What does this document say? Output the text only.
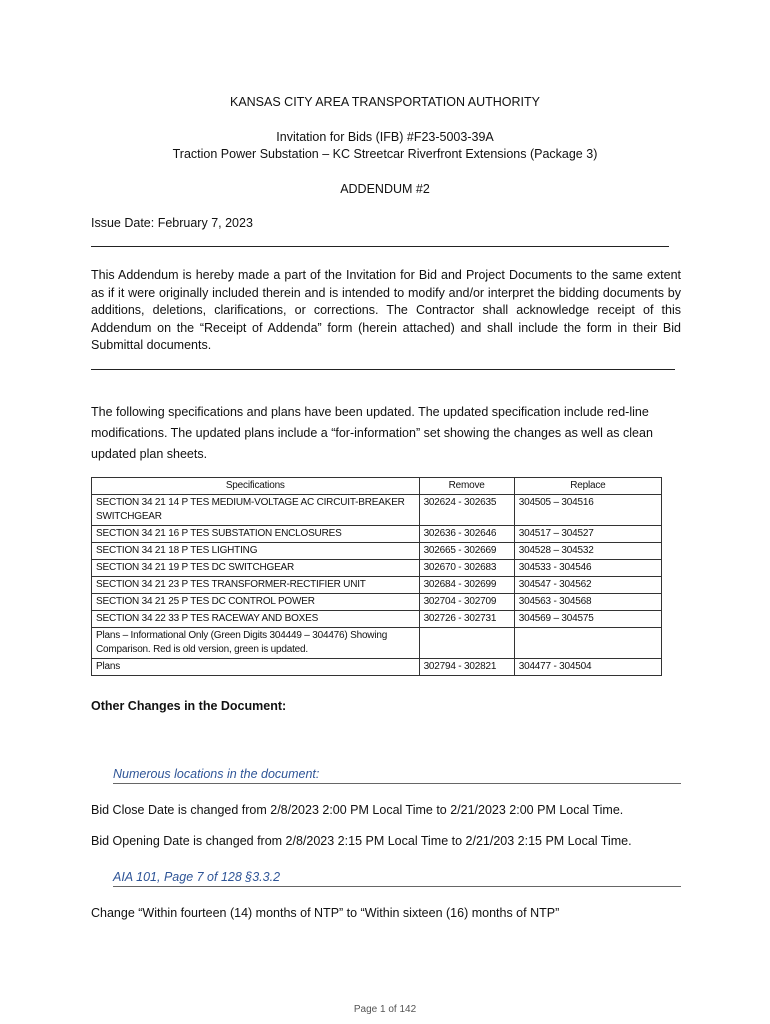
KANSAS CITY AREA TRANSPORTATION AUTHORITY
Invitation for Bids (IFB) #F23-5003-39A
Traction Power Substation – KC Streetcar Riverfront Extensions (Package 3)
ADDENDUM #2
Issue Date: February 7, 2023
This Addendum is hereby made a part of the Invitation for Bid and Project Documents to the same extent as if it were originally included therein and is intended to modify and/or interpret the bidding documents by additions, deletions, clarifications, or corrections. The Contractor shall acknowledge receipt of this Addendum on the “Receipt of Addenda” form (herein attached) and shall include the form in their Bid Submittal documents.
The following specifications and plans have been updated. The updated specification include red-line modifications. The updated plans include a “for-information” set showing the changes as well as clean updated plan sheets.
Specifications	Remove	Replace
SECTION 34 21 14 P TES MEDIUM-VOLTAGE AC CIRCUIT-BREAKER SWITCHGEAR	302624 - 302635	304505 – 304516
SECTION 34 21 16 P TES SUBSTATION ENCLOSURES	302636 - 302646	304517 – 304527
SECTION 34 21 18 P TES LIGHTING	302665 - 302669	304528 – 304532
SECTION 34 21 19 P TES DC SWITCHGEAR	302670 - 302683	304533 - 304546
SECTION 34 21 23 P TES TRANSFORMER-RECTIFIER UNIT	302684 - 302699	304547 - 304562
SECTION 34 21 25 P TES DC CONTROL POWER	302704 - 302709	304563 - 304568
SECTION 34 22 33 P TES RACEWAY AND BOXES	302726 - 302731	304569 – 304575
Plans – Informational Only (Green Digits 304449 – 304476) Showing Comparison. Red is old version, green is updated.		
Plans	302794 - 302821	304477 - 304504
Other Changes in the Document:
Numerous locations in the document:
Bid Close Date is changed from 2/8/2023 2:00 PM Local Time to 2/21/2023 2:00 PM Local Time.
Bid Opening Date is changed from 2/8/2023 2:15 PM Local Time to 2/21/203 2:15 PM Local Time.
AIA 101, Page 7 of 128 §3.3.2
Change “Within fourteen (14) months of NTP” to “Within sixteen (16) months of NTP”
Page 1 of 142
